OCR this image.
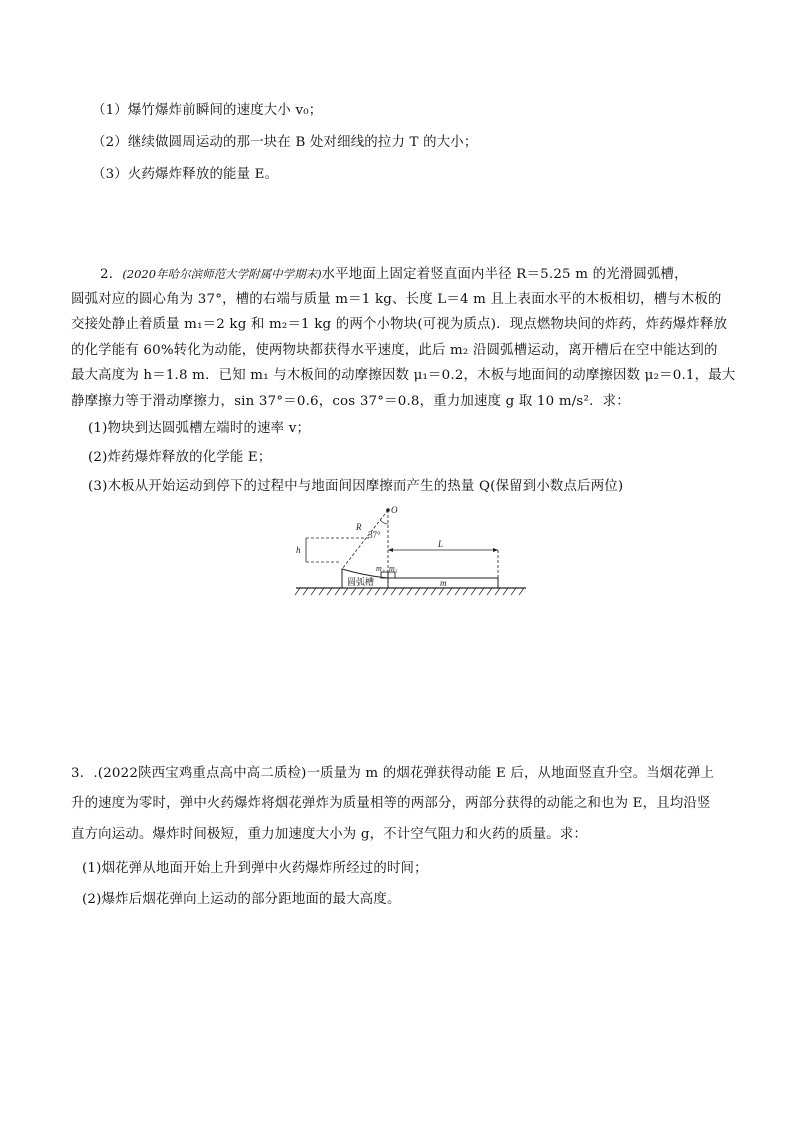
（1）爆竹爆炸前瞬间的速度大小 v₀；
（2）继续做圆周运动的那一块在 B 处对细线的拉力 T 的大小；
（3）火药爆炸释放的能量 E。
2．(2020年哈尔滨师范大学附属中学期末)水平地面上固定着竖直面内半径 R＝5.25 m 的光滑圆弧槽，
圆弧对应的圆心角为 37°，槽的右端与质量 m＝1 kg、长度 L＝4 m 且上表面水平的木板相切，槽与木板的
交接处静止着质量 m₁＝2 kg 和 m₂＝1 kg 的两个小物块(可视为质点)．现点燃物块间的炸药，炸药爆炸释放
的化学能有 60%转化为动能，使两物块都获得水平速度，此后 m₂ 沿圆弧槽运动，离开槽后在空中能达到的
最大高度为 h＝1.8 m．已知 m₁ 与木板间的动摩擦因数 μ₁＝0.2，木板与地面间的动摩擦因数 μ₂＝0.1，最大
静摩擦力等于滑动摩擦力，sin 37°＝0.6，cos 37°＝0.8，重力加速度 g 取 10 m/s²．求：
(1)物块到达圆弧槽左端时的速率 v；
(2)炸药爆炸释放的化学能 E；
(3)木板从开始运动到停下的过程中与地面间因摩擦而产生的热量 Q(保留到小数点后两位)
圆弧槽	m
m₂ m₁
O
R
37°
h
L
3．.(2022陕西宝鸡重点高中高二质检)一质量为 m 的烟花弹获得动能 E 后，从地面竖直升空。当烟花弹上
升的速度为零时，弹中火药爆炸将烟花弹炸为质量相等的两部分，两部分获得的动能之和也为 E，且均沿竖
直方向运动。爆炸时间极短，重力加速度大小为 g，不计空气阻力和火药的质量。求：
(1)烟花弹从地面开始上升到弹中火药爆炸所经过的时间；
(2)爆炸后烟花弹向上运动的部分距地面的最大高度。
